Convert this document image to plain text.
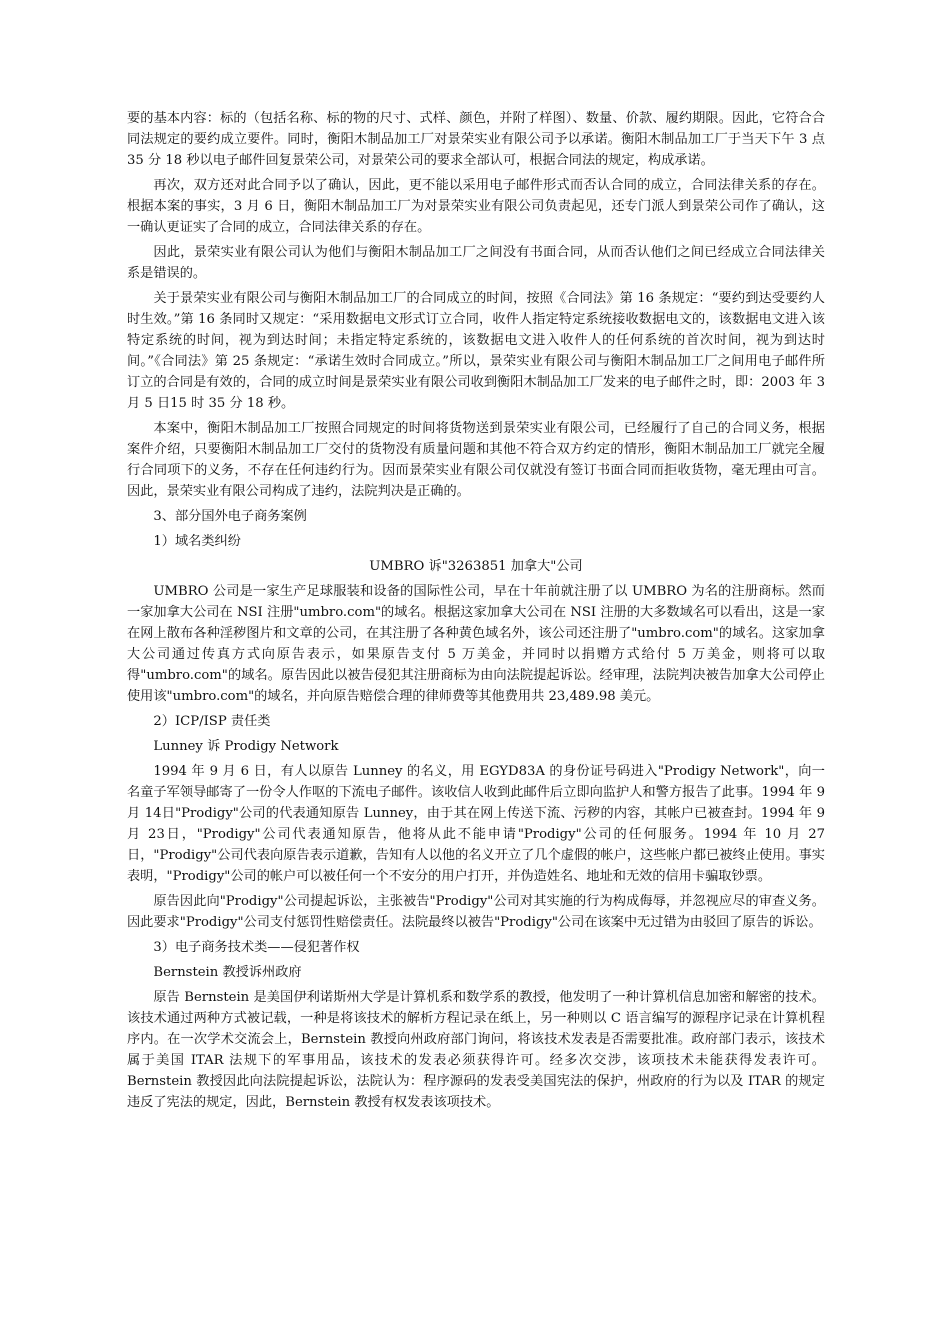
要的基本内容：标的（包括名称、标的物的尺寸、式样、颜色，并附了样图）、数量、价款、履约期限。因此，它符合合同法规定的要约成立要件。同时，衡阳木制品加工厂对景荣实业有限公司予以承诺。衡阳木制品加工厂于当天下午 3 点35 分 18 秒以电子邮件回复景荣公司，对景荣公司的要求全部认可，根据合同法的规定，构成承诺。

再次，双方还对此合同予以了确认，因此，更不能以采用电子邮件形式而否认合同的成立，合同法律关系的存在。根据本案的事实，3 月 6 日，衡阳木制品加工厂为对景荣实业有限公司负责起见，还专门派人到景荣公司作了确认，这一确认更证实了合同的成立，合同法律关系的存在。

因此，景荣实业有限公司认为他们与衡阳木制品加工厂之间没有书面合同，从而否认他们之间已经成立合同法律关系是错误的。

关于景荣实业有限公司与衡阳木制品加工厂的合同成立的时间，按照《合同法》第 16 条规定：“要约到达受要约人时生效。”第 16 条同时又规定：“采用数据电文形式订立合同，收件人指定特定系统接收数据电文的，该数据电文进入该特定系统的时间，视为到达时间；未指定特定系统的，该数据电文进入收件人的任何系统的首次时间，视为到达时间。”《合同法》第 25 条规定：“承诺生效时合同成立。”所以，景荣实业有限公司与衡阳木制品加工厂之间用电子邮件所订立的合同是有效的，合同的成立时间是景荣实业有限公司收到衡阳木制品加工厂发来的电子邮件之时，即：2003 年 3 月 5 日15 时 35 分 18 秒。

本案中，衡阳木制品加工厂按照合同规定的时间将货物送到景荣实业有限公司，已经履行了自己的合同义务，根据案件介绍，只要衡阳木制品加工厂交付的货物没有质量问题和其他不符合双方约定的情形，衡阳木制品加工厂就完全履行合同项下的义务，不存在任何违约行为。因而景荣实业有限公司仅就没有签订书面合同而拒收货物，毫无理由可言。因此，景荣实业有限公司构成了违约，法院判决是正确的。

3、部分国外电子商务案例

1）域名类纠纷

UMBRO 诉"3263851 加拿大"公司

UMBRO 公司是一家生产足球服装和设备的国际性公司，早在十年前就注册了以 UMBRO 为名的注册商标。然而一家加拿大公司在 NSI 注册"umbro.com"的域名。根据这家加拿大公司在 NSI 注册的大多数域名可以看出，这是一家在网上散布各种淫秽图片和文章的公司，在其注册了各种黄色域名外，该公司还注册了"umbro.com"的域名。这家加拿大公司通过传真方式向原告表示，如果原告支付 5 万美金，并同时以捐赠方式给付 5 万美金，则将可以取得"umbro.com"的域名。原告因此以被告侵犯其注册商标为由向法院提起诉讼。经审理，法院判决被告加拿大公司停止使用该"umbro.com"的域名，并向原告赔偿合理的律师费等其他费用共 23,489.98 美元。

2）ICP/ISP 责任类

Lunney 诉 Prodigy Network

1994 年 9 月 6 日，有人以原告 Lunney 的名义，用 EGYD83A 的身份证号码进入"Prodigy Network"，向一名童子军领导邮寄了一份令人作呕的下流电子邮件。该收信人收到此邮件后立即向监护人和警方报告了此事。1994 年 9 月 14日"Prodigy"公司的代表通知原告 Lunney，由于其在网上传送下流、污秽的内容，其帐户已被查封。1994 年 9 月 23日，"Prodigy"公司代表通知原告，他将从此不能申请"Prodigy"公司的任何服务。1994 年 10 月 27 日，"Prodigy"公司代表向原告表示道歉，告知有人以他的名义开立了几个虚假的帐户，这些帐户都已被终止使用。事实表明，"Prodigy"公司的帐户可以被任何一个不安分的用户打开，并伪造姓名、地址和无效的信用卡骗取钞票。

原告因此向"Prodigy"公司提起诉讼，主张被告"Prodigy"公司对其实施的行为构成侮辱，并忽视应尽的审查义务。因此要求"Prodigy"公司支付惩罚性赔偿责任。法院最终以被告"Prodigy"公司在该案中无过错为由驳回了原告的诉讼。

3）电子商务技术类——侵犯著作权

Bernstein 教授诉州政府

原告 Bernstein 是美国伊利诺斯州大学是计算机系和数学系的教授，他发明了一种计算机信息加密和解密的技术。该技术通过两种方式被记载，一种是将该技术的解析方程记录在纸上，另一种则以 C 语言编写的源程序记录在计算机程序内。在一次学术交流会上，Bernstein 教授向州政府部门询问，将该技术发表是否需要批准。政府部门表示，该技术属于美国 ITAR 法规下的军事用品，该技术的发表必须获得许可。经多次交涉，该项技术未能获得发表许可。Bernstein 教授因此向法院提起诉讼，法院认为：程序源码的发表受美国宪法的保护，州政府的行为以及 ITAR 的规定违反了宪法的规定，因此，Bernstein 教授有权发表该项技术。
